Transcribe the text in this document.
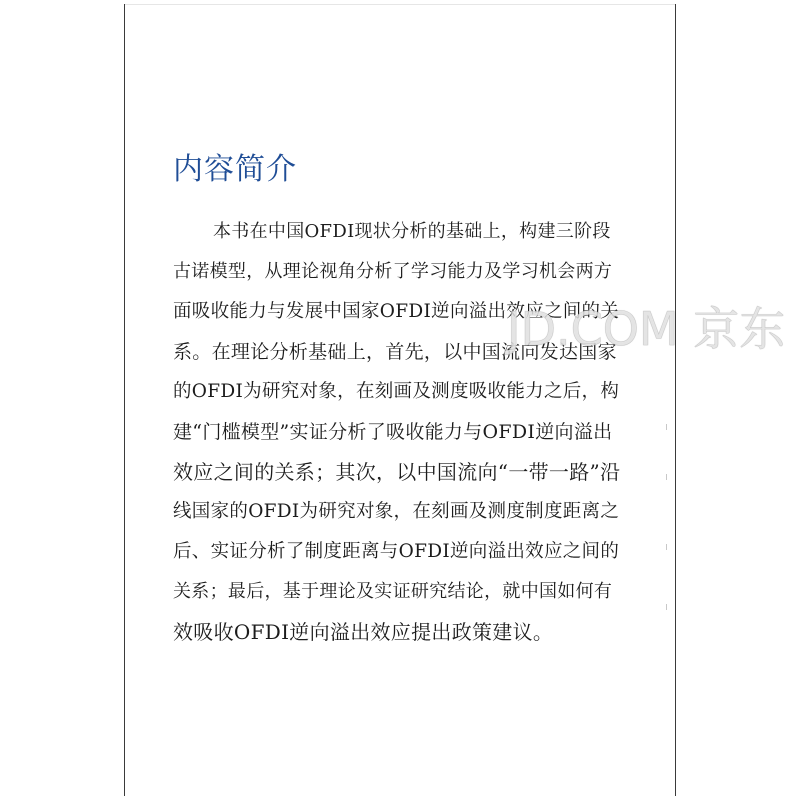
内容简介
本书在中国OFDI现状分析的基础上，构建三阶段
古诺模型，从理论视角分析了学习能力及学习机会两方
面吸收能力与发展中国家OFDI逆向溢出效应之间的关
系。在理论分析基础上，首先，以中国流向发达国家
的OFDI为研究对象，在刻画及测度吸收能力之后，构
建“门槛模型”实证分析了吸收能力与OFDI逆向溢出
效应之间的关系；其次，以中国流向“一带一路”沿
线国家的OFDI为研究对象，在刻画及测度制度距离之
后、实证分析了制度距离与OFDI逆向溢出效应之间的
关系；最后，基于理论及实证研究结论，就中国如何有
效吸收OFDI逆向溢出效应提出政策建议。
JD.COM 京东
